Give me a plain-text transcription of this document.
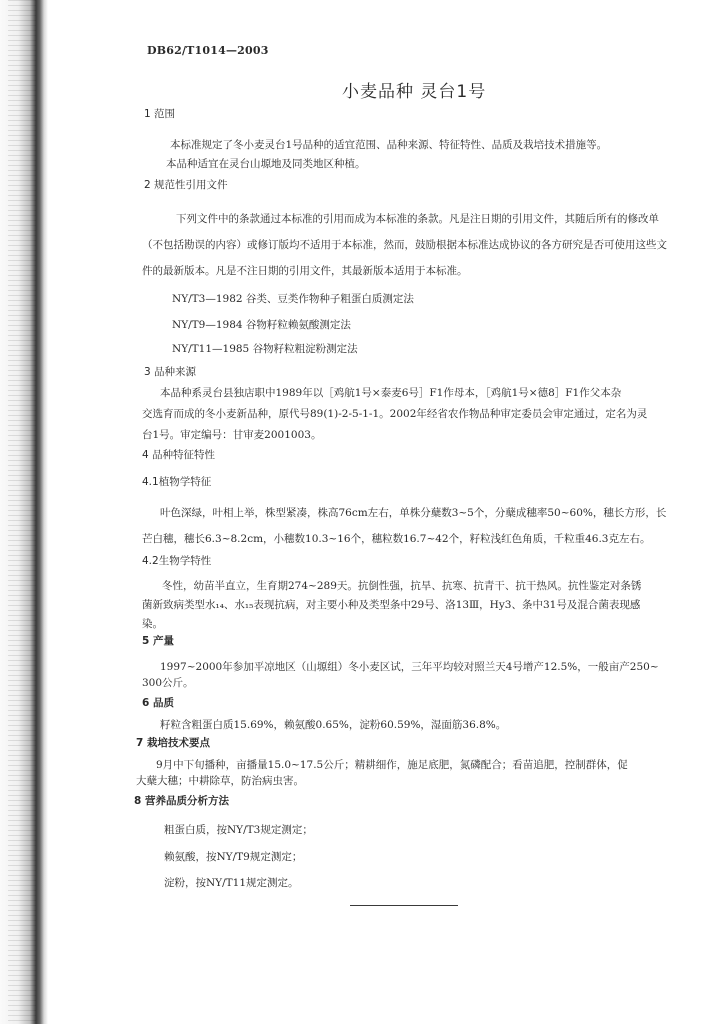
DB62/T1014—2003

小麦品种 灵台1号

1 范围

本标准规定了冬小麦灵台1号品种的适宜范围、品种来源、特征特性、品质及栽培技术措施等。

本品种适宜在灵台山塬地及同类地区种植。

2 规范性引用文件

下列文件中的条款通过本标准的引用而成为本标准的条款。凡是注日期的引用文件，其随后所有的修改单

（不包括勘误的内容）或修订版均不适用于本标准，然而，鼓励根据本标准达成协议的各方研究是否可使用这些文

件的最新版本。凡是不注日期的引用文件，其最新版本适用于本标准。

NY/T3—1982 谷类、豆类作物种子粗蛋白质测定法

NY/T9—1984 谷物籽粒赖氨酸测定法

NY/T11—1985 谷物籽粒粗淀粉测定法

3 品种来源

本品种系灵台县独店职中1989年以［鸡航1号×泰麦6号］F1作母本，［鸡航1号×德8］F1作父本杂

交选育而成的冬小麦新品种，原代号89(1)-2-5-1-1。2002年经省农作物品种审定委员会审定通过，定名为灵

台1号。审定编号：甘审麦2001003。

4 品种特征特性

4.1植物学特征

叶色深绿，叶相上举，株型紧凑，株高76cm左右，单株分蘖数3~5个，分蘖成穗率50~60%，穗长方形，长

芒白穗，穗长6.3~8.2cm，小穗数10.3~16个，穗粒数16.7~42个，籽粒浅红色角质，千粒重46.3克左右。

4.2生物学特性

冬性，幼苗半直立，生育期274~289天。抗倒性强，抗旱、抗寒、抗青干、抗干热风。抗性鉴定对条锈

菌新致病类型水₁₄、水₁₅表现抗病，对主要小种及类型条中29号、洛13Ⅲ，Hy3、条中31号及混合菌表现感

染。

5 产量

1997~2000年参加平凉地区（山塬组）冬小麦区试，三年平均较对照兰天4号增产12.5%，一般亩产250~

300公斤。

6 品质

籽粒含粗蛋白质15.69%，赖氨酸0.65%，淀粉60.59%，湿面筋36.8%。

7 栽培技术要点

9月中下旬播种，亩播量15.0~17.5公斤；精耕细作，施足底肥，氮磷配合；看苗追肥，控制群体，促

大蘖大穗；中耕除草，防治病虫害。

8 营养品质分析方法

粗蛋白质，按NY/T3规定测定；

赖氨酸，按NY/T9规定测定；

淀粉，按NY/T11规定测定。
